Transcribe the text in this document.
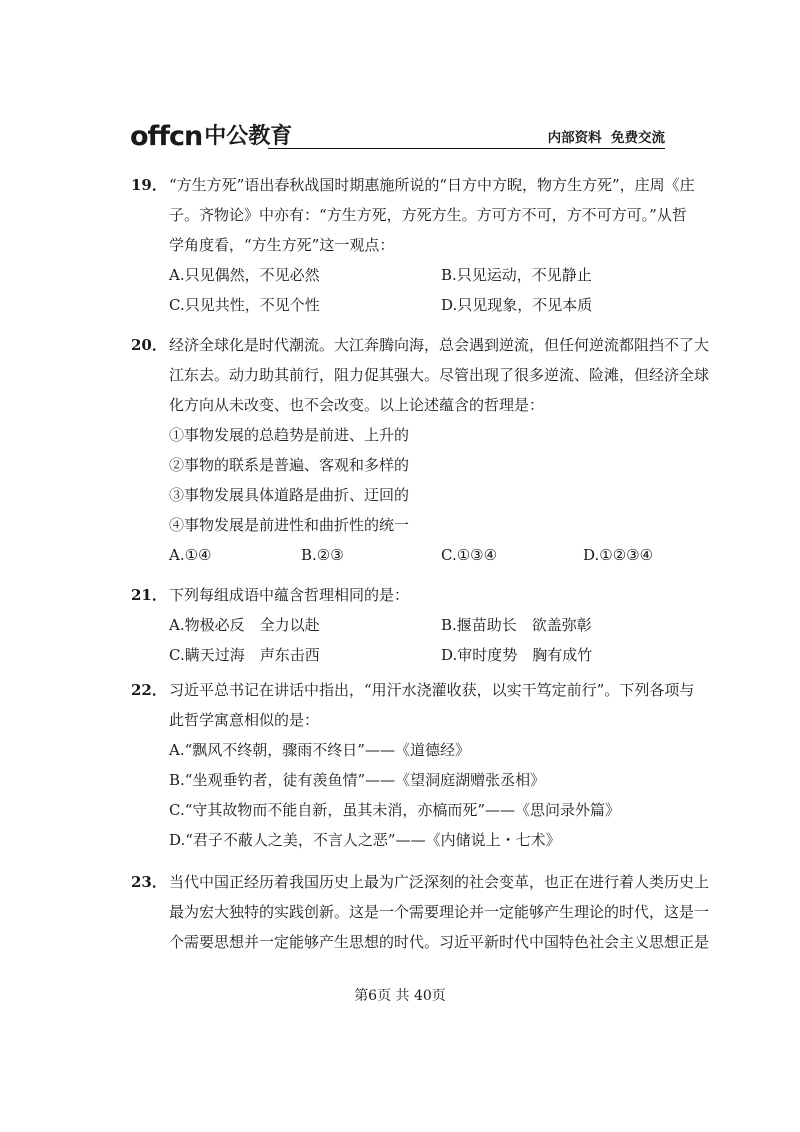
offcn 中公教育	内部资料  免费交流
19． “方生方死”语出春秋战国时期惠施所说的“日方中方睨，物方生方死”，庄周《庄
子。齐物论》中亦有：“方生方死，方死方生。方可方不可，方不可方可。”从哲
学角度看，“方生方死”这一观点：
A.只见偶然，不见必然	B.只见运动，不见静止
C.只见共性，不见个性	D.只见现象，不见本质
20． 经济全球化是时代潮流。大江奔腾向海，总会遇到逆流，但任何逆流都阻挡不了大
江东去。动力助其前行，阻力促其强大。尽管出现了很多逆流、险滩，但经济全球
化方向从未改变、也不会改变。以上论述蕴含的哲理是：
①事物发展的总趋势是前进、上升的
②事物的联系是普遍、客观和多样的
③事物发展具体道路是曲折、迂回的
④事物发展是前进性和曲折性的统一
A.①④	B.②③	C.①③④	D.①②③④
21． 下列每组成语中蕴含哲理相同的是：
A.物极必反　全力以赴	B.揠苗助长　欲盖弥彰
C.瞒天过海　声东击西	D.审时度势　胸有成竹
22． 习近平总书记在讲话中指出，“用汗水浇灌收获，以实干笃定前行”。下列各项与
此哲学寓意相似的是：
A.“飘风不终朝，骤雨不终日”——《道德经》
B.“坐观垂钓者，徒有羡鱼情”——《望洞庭湖赠张丞相》
C.“守其故物而不能自新，虽其未消，亦槁而死”——《思问录外篇》
D.“君子不蔽人之美，不言人之恶”——《内储说上・七术》
23． 当代中国正经历着我国历史上最为广泛深刻的社会变革，也正在进行着人类历史上
最为宏大独特的实践创新。这是一个需要理论并一定能够产生理论的时代，这是一
个需要思想并一定能够产生思想的时代。习近平新时代中国特色社会主义思想正是
第6页 共 40页
